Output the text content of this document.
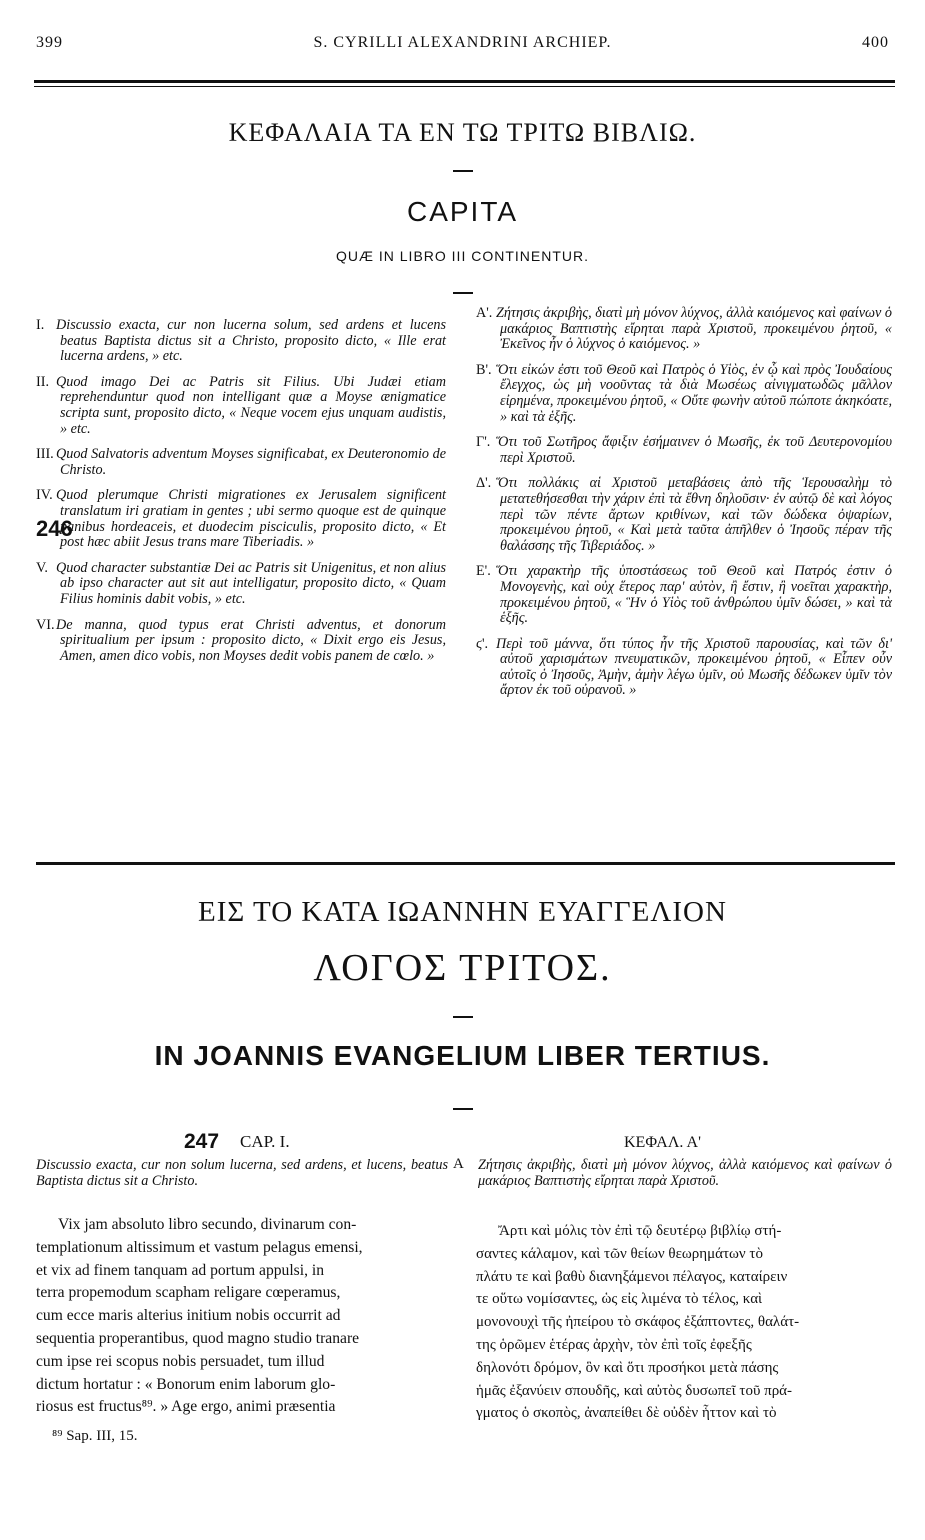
399	S. CYRILLI ALEXANDRINI ARCHIEP.	400
ΚΕΦΑΛΑΙΑ ΤΑ ΕΝ ΤΩ ΤΡΙΤΩ ΒΙΒΛΙΩ.
CAPITA
QUÆ IN LIBRO III CONTINENTUR.
I. Discussio exacta, cur non lucerna solum, sed ardens et lucens beatus Baptista dictus sit a Christo, proposito dicto, « Ille erat lucerna ardens, » etc.
II. Quod imago Dei ac Patris sit Filius. Ubi Judæi etiam reprehenduntur quod non intelligant quæ a Moyse ænigmatice scripta sunt, proposito dicto, « Neque vocem ejus unquam audistis, » etc.
III. Quod Salvatoris adventum Moyses significabat, ex Deuteronomio de Christo.
IV. Quod plerumque Christi migrationes ex Jerusalem significent translatum iri gratiam in gentes ; ubi sermo quoque est de quinque panibus hordeaceis, et duodecim pisciculis, proposito dicto, « Et post hæc abiit Jesus trans mare Tiberiadis. »
V. Quod character substantiæ Dei ac Patris sit Unigenitus, et non alius ab ipso character aut sit aut intelligatur, proposito dicto, « Quam Filius hominis dabit vobis, » etc.
VI.De manna, quod typus erat Christi adventus, et donorum spiritualium per ipsum : proposito dicto, « Dixit ergo eis Jesus, Amen, amen dico vobis, non Moyses dedit vobis panem de cœlo. »
Α'. Ζήτησις ἀκριβὴς, διατὶ μὴ μόνον λύχνος, ἀλλὰ καιόμενος καὶ φαίνων ὁ μακάριος Βαπτιστὴς εἴρηται παρὰ Χριστοῦ, προκειμένου ῥητοῦ, « Ἐκεῖνος ἦν ὁ λύχνος ὁ καιόμενος. »
Β'. Ὅτι εἰκών ἐστι τοῦ Θεοῦ καὶ Πατρὸς ὁ Υἱὸς, ἐν ᾧ καὶ πρὸς Ἰουδαίους ἔλεγχος, ὡς μὴ νοοῦντας τὰ διὰ Μωσέως αἰνιγματωδῶς μᾶλλον εἰρημένα, προκειμένου ῥητοῦ, « Οὔτε φωνὴν αὐτοῦ πώποτε ἀκηκόατε, » καὶ τὰ ἑξῆς.
Γ'. Ὅτι τοῦ Σωτῆρος ἄφιξιν ἐσήμαινεν ὁ Μωσῆς, ἐκ τοῦ Δευτερονομίου περὶ Χριστοῦ.
Δ'. Ὅτι πολλάκις αἱ Χριστοῦ μεταβάσεις ἀπὸ τῆς Ἱερουσαλὴμ τὸ μετατεθήσεσθαι τὴν χάριν ἐπὶ τὰ ἔθνη δηλοῦσιν· ἐν αὐτῷ δὲ καὶ λόγος περὶ τῶν πέντε ἄρτων κριθίνων, καὶ τῶν δώδεκα ὀψαρίων, προκειμένου ῥητοῦ, « Καὶ μετὰ ταῦτα ἀπῆλθεν ὁ Ἰησοῦς πέραν τῆς θαλάσσης τῆς Τιβεριάδος. »
Ε'. Ὅτι χαρακτὴρ τῆς ὑποστάσεως τοῦ Θεοῦ καὶ Πατρός ἐστιν ὁ Μονογενὴς, καὶ οὐχ ἕτερος παρ' αὐτὸν, ἢ ἔστιν, ἢ νοεῖται χαρακτὴρ, προκειμένου ῥητοῦ, « Ἣν ὁ Υἱὸς τοῦ ἀνθρώπου ὑμῖν δώσει, » καὶ τὰ ἑξῆς.
ϛ'. Περὶ τοῦ μάννα, ὅτι τύπος ἦν τῆς Χριστοῦ παρουσίας, καὶ τῶν δι' αὐτοῦ χαρισμάτων πνευματικῶν, προκειμένου ῥητοῦ, « Εἶπεν οὖν αὐτοῖς ὁ Ἰησοῦς, Ἀμὴν, ἀμὴν λέγω ὑμῖν, οὐ Μωσῆς δέδωκεν ὑμῖν τὸν ἄρτον ἐκ τοῦ οὐρανοῦ. »
246
ΕΙΣ ΤΟ ΚΑΤΑ ΙΩΑΝΝΗΝ ΕΥΑΓΓΕΛΙΟΝ
ΛΟΓΟΣ ΤΡΙΤΟΣ.
IN JOANNIS EVANGELIUM LIBER TERTIUS.
247 CAP. I.	ΚΕΦΑΛ. Α'
Discussio exacta, cur non solum lucerna, sed ardens, et lucens, beatus Baptista dictus sit a Christo.
A Ζήτησις ἀκριβὴς, διατὶ μὴ μόνον λύχνος, ἀλλὰ καιόμενος καὶ φαίνων ὁ μακάριος Βαπτιστὴς εἴρηται παρὰ Χριστοῦ.
Vix jam absoluto libro secundo, divinarum con-
templationum altissimum et vastum pelagus emensi,
et vix ad finem tanquam ad portum appulsi, in
terra propemodum scapham religare cœperamus,
cum ecce maris alterius initium nobis occurrit ad
sequentia properantibus, quod magno studio tranare
cum ipse rei scopus nobis persuadet, tum illud
dictum hortatur : « Bonorum enim laborum glo-
riosus est fructus⁸⁹. » Age ergo, animi præsentia
Ἄρτι καὶ μόλις τὸν ἐπὶ τῷ δευτέρῳ βιβλίῳ στή-
σαντες κάλαμον, καὶ τῶν θείων θεωρημάτων τὸ
πλάτυ τε καὶ βαθὺ διανηξάμενοι πέλαγος, καταίρειν
τε οὕτω νομίσαντες, ὡς εἰς λιμένα τὸ τέλος, καὶ
μονονουχὶ τῆς ἠπείρου τὸ σκάφος ἐξάπτοντες, θαλάτ-
της ὁρῶμεν ἑτέρας ἀρχὴν, τὸν ἐπὶ τοῖς ἐφεξῆς
δηλονότι δρόμον, ὃν καὶ ὅτι προσήκοι μετὰ πάσης
ἡμᾶς ἐξανύειν σπουδῆς, καὶ αὐτὸς δυσωπεῖ τοῦ πρά-
γματος ὁ σκοπὸς, ἀναπείθει δὲ οὐδὲν ἧττον καὶ τὸ
⁸⁹ Sap. III, 15.
